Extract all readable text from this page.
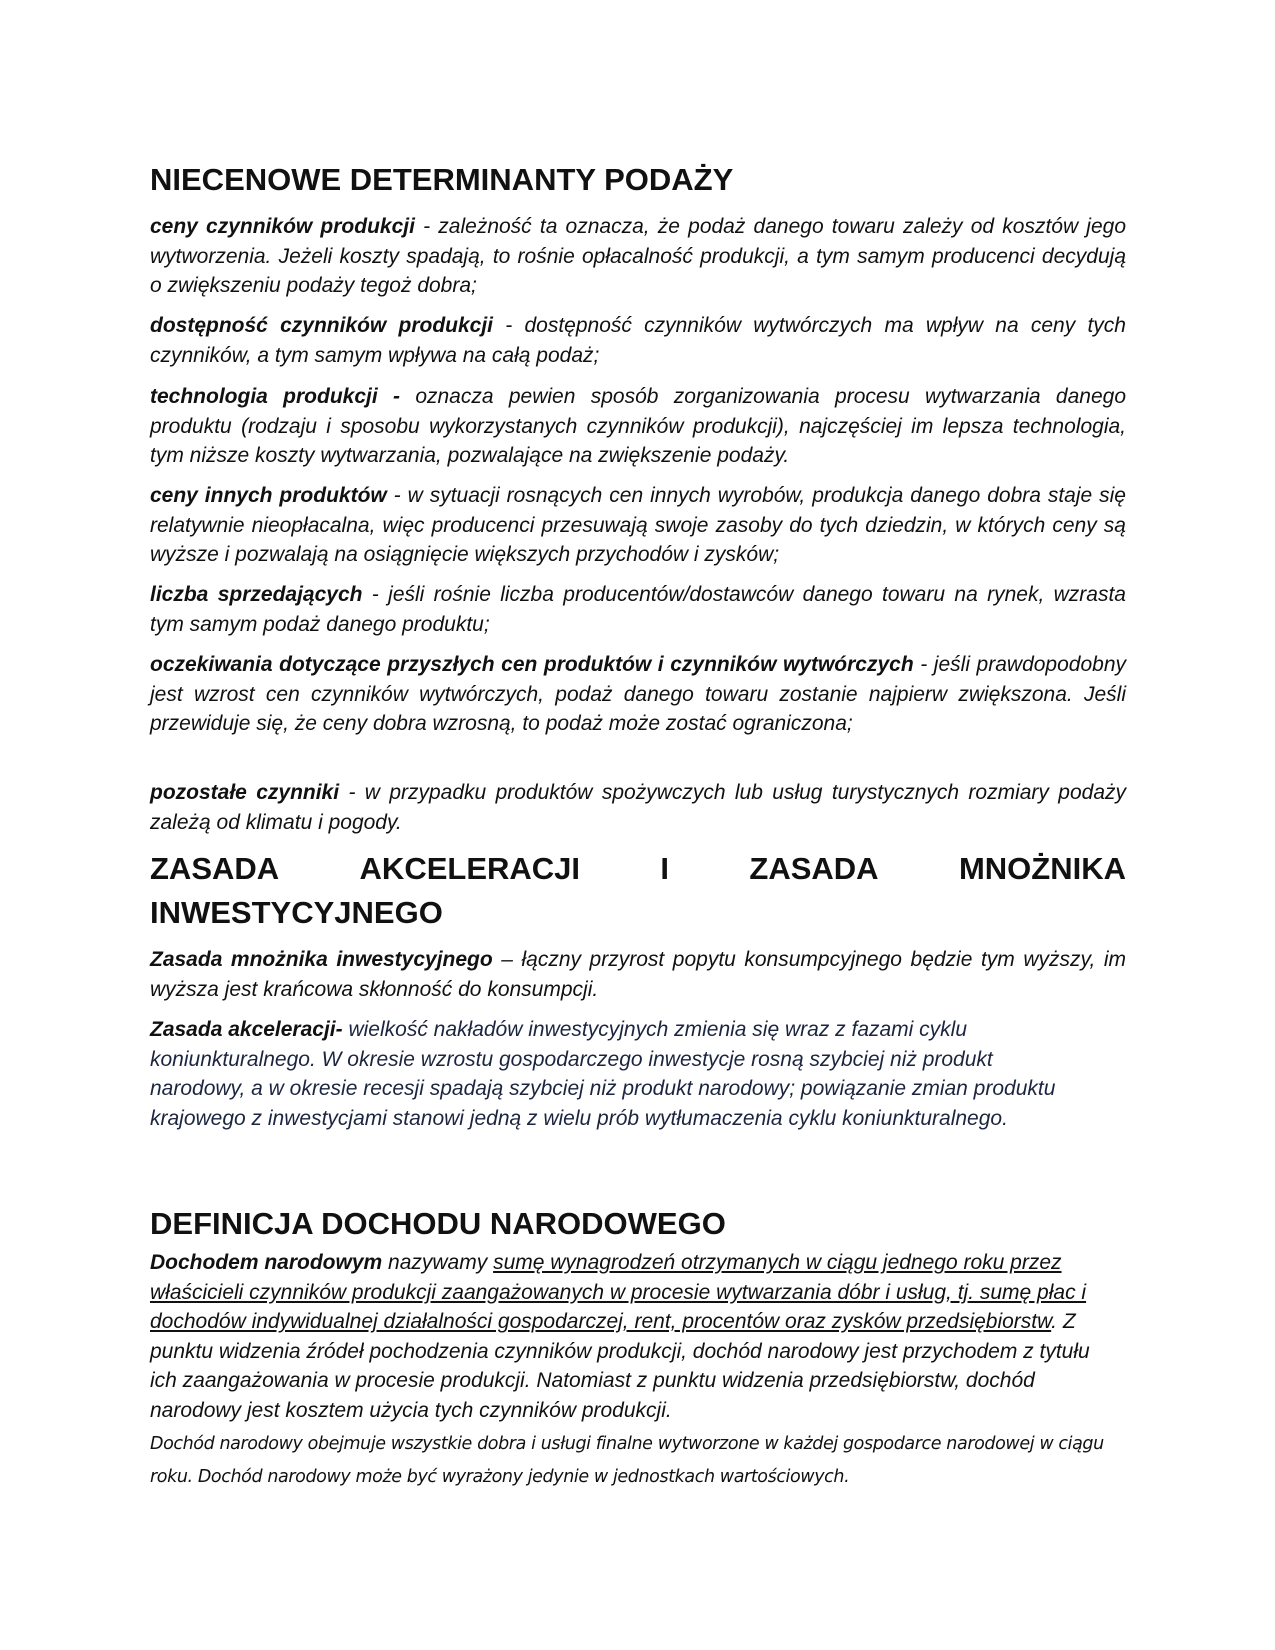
NIECENOWE DETERMINANTY PODAŻY

ceny czynników produkcji - zależność ta oznacza, że podaż danego towaru zależy od kosztów jego wytworzenia. Jeżeli koszty spadają, to rośnie opłacalność produkcji, a tym samym producenci decydują o zwiększeniu podaży tegoż dobra;

dostępność czynników produkcji - dostępność czynników wytwórczych ma wpływ na ceny tych czynników, a tym samym wpływa na całą podaż;

technologia produkcji - oznacza pewien sposób zorganizowania procesu wytwarzania danego produktu (rodzaju i sposobu wykorzystanych czynników produkcji), najczęściej im lepsza technologia, tym niższe koszty wytwarzania, pozwalające na zwiększenie podaży.

ceny innych produktów - w sytuacji rosnących cen innych wyrobów, produkcja danego dobra staje się relatywnie nieopłacalna, więc producenci przesuwają swoje zasoby do tych dziedzin, w których ceny są wyższe i pozwalają na osiągnięcie większych przychodów i zysków;

liczba sprzedających - jeśli rośnie liczba producentów/dostawców danego towaru na rynek, wzrasta tym samym podaż danego produktu;

oczekiwania dotyczące przyszłych cen produktów i czynników wytwórczych - jeśli prawdopodobny jest wzrost cen czynników wytwórczych, podaż danego towaru zostanie najpierw zwiększona. Jeśli przewiduje się, że ceny dobra wzrosną, to podaż może zostać ograniczona;

pozostałe czynniki - w przypadku produktów spożywczych lub usług turystycznych rozmiary podaży zależą od klimatu i pogody.

ZASADA	AKCELERACJI	I	ZASADA	MNOŻNIKA
INWESTYCYJNEGO

Zasada mnożnika inwestycyjnego – łączny przyrost popytu konsumpcyjnego będzie tym wyższy, im wyższa jest krańcowa skłonność do konsumpcji.

Zasada akceleracji- wielkość nakładów inwestycyjnych zmienia się wraz z fazami cyklu koniunkturalnego. W okresie wzrostu gospodarczego inwestycje rosną szybciej niż produkt narodowy, a w okresie recesji spadają szybciej niż produkt narodowy; powiązanie zmian produktu krajowego z inwestycjami stanowi jedną z wielu prób wytłumaczenia cyklu koniunkturalnego.

DEFINICJA DOCHODU NARODOWEGO

Dochodem narodowym nazywamy sumę wynagrodzeń otrzymanych w ciągu jednego roku przez właścicieli czynników produkcji zaangażowanych w procesie wytwarzania dóbr i usług, tj. sumę płac i dochodów indywidualnej działalności gospodarczej, rent, procentów oraz zysków przedsiębiorstw. Z punktu widzenia źródeł pochodzenia czynników produkcji, dochód narodowy jest przychodem z tytułu ich zaangażowania w procesie produkcji. Natomiast z punktu widzenia przedsiębiorstw, dochód narodowy jest kosztem użycia tych czynników produkcji.

Dochód narodowy obejmuje wszystkie dobra i usługi finalne wytworzone w każdej gospodarce narodowej w ciągu roku. Dochód narodowy może być wyrażony jedynie w jednostkach wartościowych.
